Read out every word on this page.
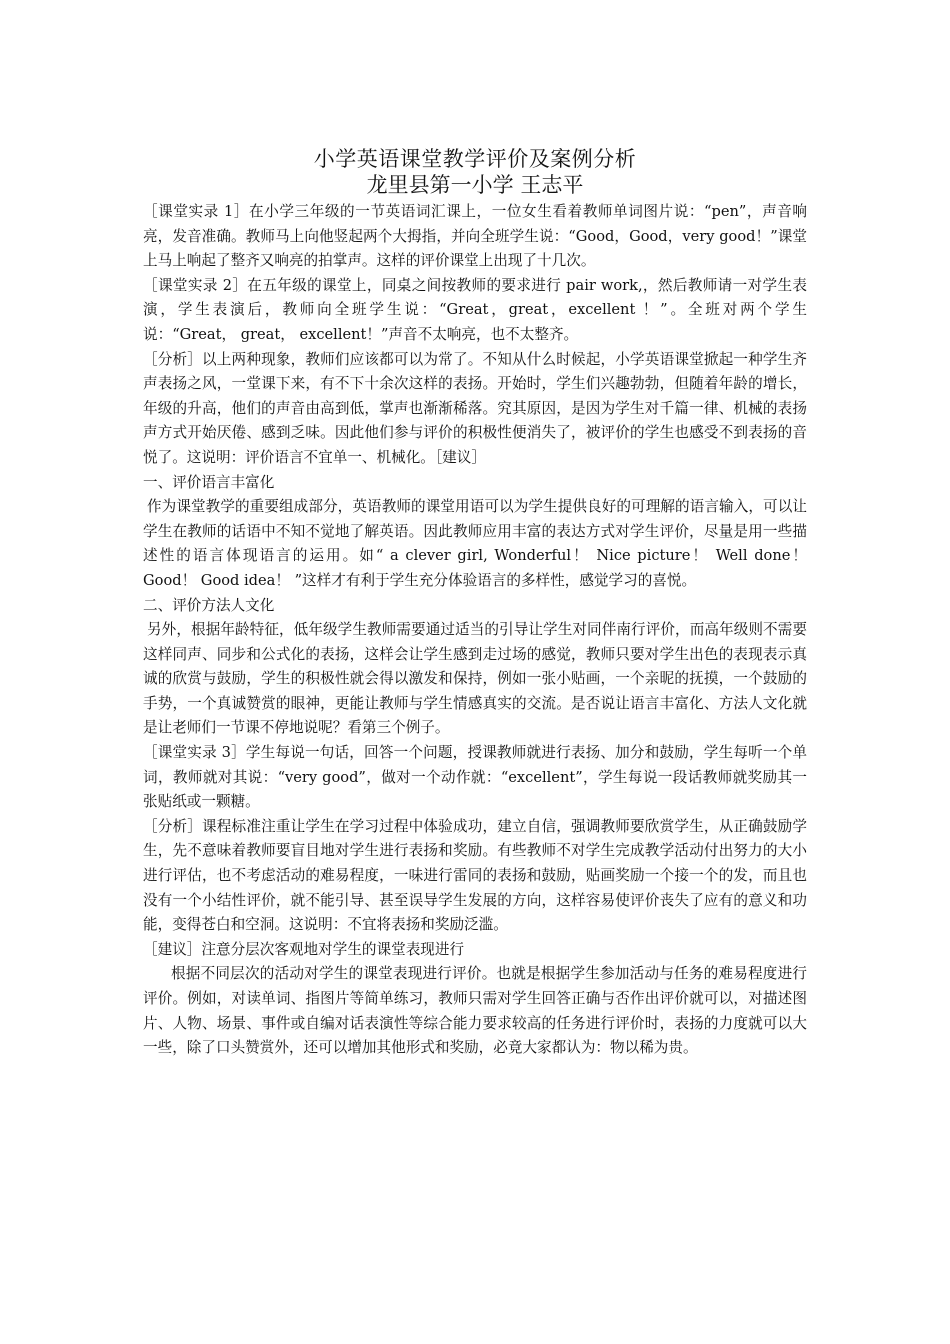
小学英语课堂教学评价及案例分析
龙里县第一小学 王志平

［课堂实录 1］在小学三年级的一节英语词汇课上，一位女生看着教师单词图片说：“pen”，声音响亮，发音准确。教师马上向他竖起两个大拇指，并向全班学生说：“Good，Good，very good！”课堂上马上响起了整齐又响亮的拍掌声。这样的评价课堂上出现了十几次。

［课堂实录 2］在五年级的课堂上，同桌之间按教师的要求进行 pair work,，然后教师请一对学生表演，学生表演后，教师向全班学生说：“Great，great，excellent ！”。全班对两个学生说：“Great， great， excellent！”声音不太响亮，也不太整齐。

［分析］以上两种现象，教师们应该都可以为常了。不知从什么时候起，小学英语课堂掀起一种学生齐声表扬之风，一堂课下来，有不下十余次这样的表扬。开始时，学生们兴趣勃勃，但随着年龄的增长，年级的升高，他们的声音由高到低，掌声也渐渐稀落。究其原因，是因为学生对千篇一律、机械的表扬声方式开始厌倦、感到乏味。因此他们参与评价的积极性便消失了，被评价的学生也感受不到表扬的音悦了。这说明：评价语言不宜单一、机械化。［建议］

一、评价语言丰富化

作为课堂教学的重要组成部分，英语教师的课堂用语可以为学生提供良好的可理解的语言输入，可以让学生在教师的话语中不知不觉地了解英语。因此教师应用丰富的表达方式对学生评价，尽量是用一些描述性的语言体现语言的运用。如“ a clever girl, Wonderful！ Nice picture！ Well done！ Good！ Good idea！ ”这样才有利于学生充分体验语言的多样性，感觉学习的喜悦。

二、评价方法人文化

另外，根据年龄特征，低年级学生教师需要通过适当的引导让学生对同伴南行评价，而高年级则不需要这样同声、同步和公式化的表扬，这样会让学生感到走过场的感觉，教师只要对学生出色的表现表示真诚的欣赏与鼓励，学生的积极性就会得以激发和保持，例如一张小贴画，一个亲昵的抚摸，一个鼓励的手势，一个真诚赞赏的眼神，更能让教师与学生情感真实的交流。是否说让语言丰富化、方法人文化就是让老师们一节课不停地说呢？看第三个例子。

［课堂实录 3］学生每说一句话，回答一个问题，授课教师就进行表扬、加分和鼓励，学生每听一个单词，教师就对其说：“very good”，做对一个动作就：“excellent”，学生每说一段话教师就奖励其一张贴纸或一颗糖。

［分析］课程标准注重让学生在学习过程中体验成功，建立自信，强调教师要欣赏学生，从正确鼓励学生，先不意味着教师要盲目地对学生进行表扬和奖励。有些教师不对学生完成教学活动付出努力的大小进行评估，也不考虑活动的难易程度，一味进行雷同的表扬和鼓励，贴画奖励一个接一个的发，而且也没有一个小结性评价，就不能引导、甚至误导学生发展的方向，这样容易使评价丧失了应有的意义和功能，变得苍白和空洞。这说明：不宜将表扬和奖励泛滥。

［建议］注意分层次客观地对学生的课堂表现进行

根据不同层次的活动对学生的课堂表现进行评价。也就是根据学生参加活动与任务的难易程度进行评价。例如，对读单词、指图片等简单练习，教师只需对学生回答正确与否作出评价就可以，对描述图片、人物、场景、事件或自编对话表演性等综合能力要求较高的任务进行评价时，表扬的力度就可以大一些，除了口头赞赏外，还可以增加其他形式和奖励，必竟大家都认为：物以稀为贵。
